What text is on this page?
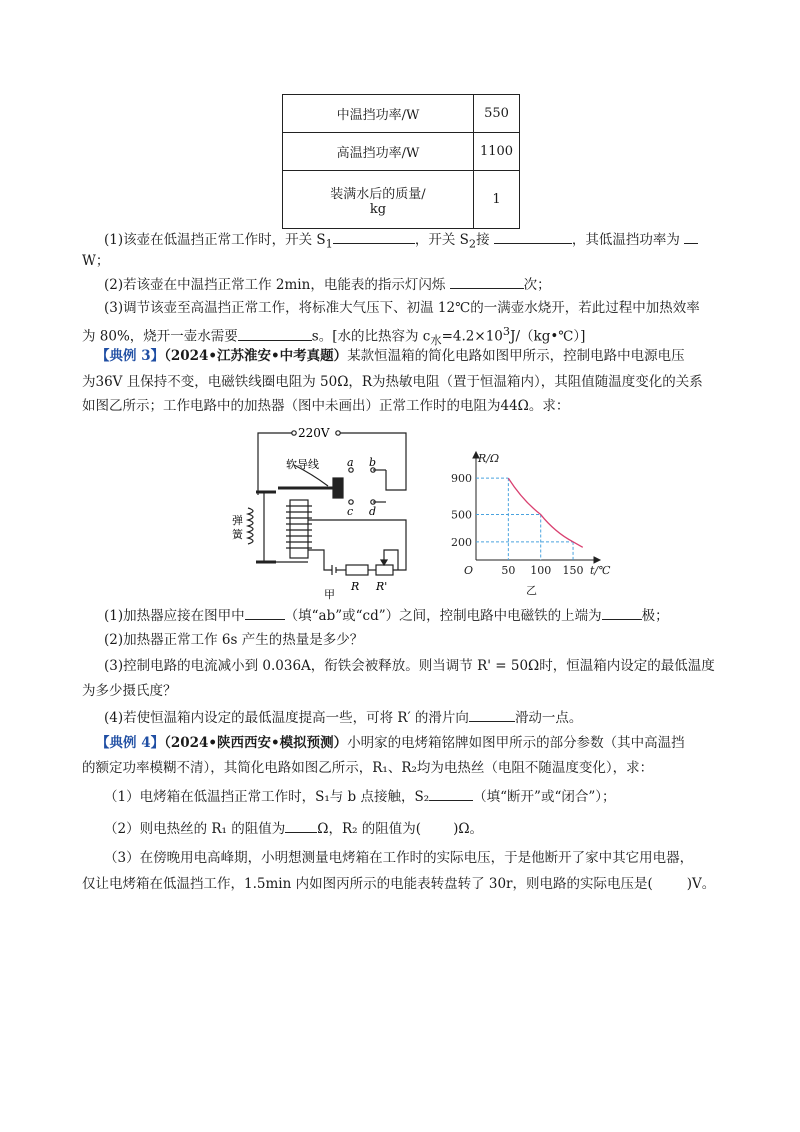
中温挡功率/W	550
高温挡功率/W	1100
装满水后的质量/
kg	1
(1)该壶在低温挡正常工作时，开关 $S_1$	，开关 $S_2$接	，其低温挡功率为
W；
(2)若该壶在中温挡正常工作 2min，电能表的指示灯闪烁	次；
(3)调节该壶至高温挡正常工作，将标准大气压下、初温 12℃的一满壶水烧开，若此过程中加热效率
为 80%，烧开一壶水需要	s。[水的比热容为 $c_水=4.2\times 10^3J/(kg•℃)$]
【典例 3】（2024•江苏淮安•中考真题）某款恒温箱的简化电路如图甲所示，控制电路中电源电压
为36V 且保持不变，电磁铁线圈电阻为 50Ω，R为热敏电阻（置于恒温箱内），其阻值随温度变化的关系
如图乙所示；工作电路中的加热器（图中未画出）正常工作时的电阻为44Ω。求：
220V
软导线	a b
c d
弹
簧
R R'
甲
200
500
900
50 100 150
O
R/Ω
t/℃
乙
(1)加热器应接在图甲中	（填“ab”或“cd”）之间，控制电路中电磁铁的上端为	极；
(2)加热器正常工作 6s 产生的热量是多少？
(3)控制电路的电流减小到 0.036A，衔铁会被释放。则当调节 R' = 50Ω时，恒温箱内设定的最低温度
为多少摄氏度？
(4)若使恒温箱内设定的最低温度提高一些，可将 R′ 的滑片向	滑动一点。
【典例 4】（2024•陕西西安•模拟预测）小明家的电烤箱铭牌如图甲所示的部分参数（其中高温挡
的额定功率模糊不清），其简化电路如图乙所示，R₁、R₂均为电热丝（电阻不随温度变化），求：
（1）电烤箱在低温挡正常工作时，S₁与 b 点接触，S₂	（填“断开”或“闭合”）；
（2）则电热丝的 R₁ 的阻值为 Ω，R₂ 的阻值为( )Ω。
（3）在傍晚用电高峰期，小明想测量电烤箱在工作时的实际电压，于是他断开了家中其它用电器，
仅让电烤箱在低温挡工作，1.5min 内如图丙所示的电能表转盘转了 30r，则电路的实际电压是(	)V。
